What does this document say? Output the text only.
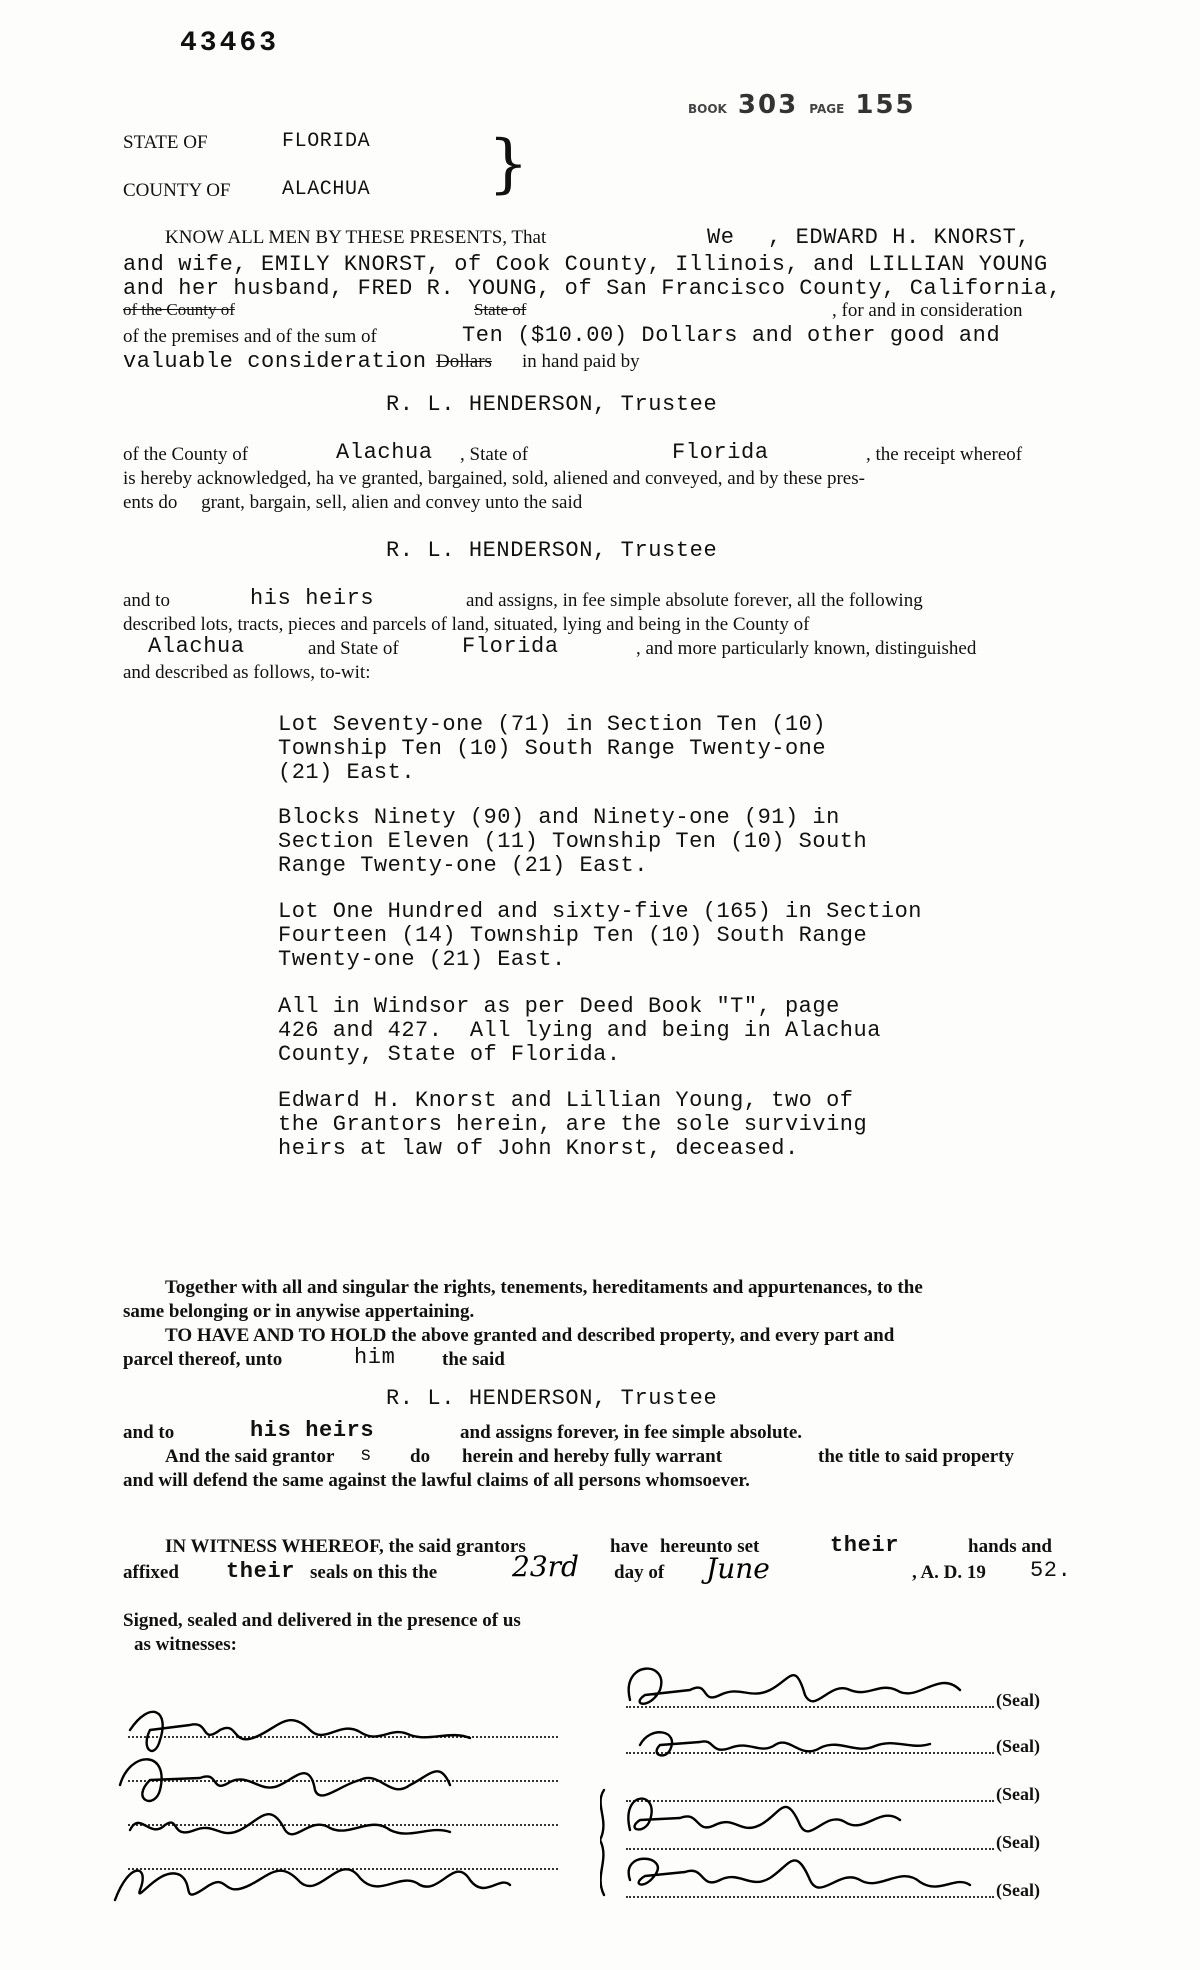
43463
BOOK 303 PAGE 155
STATE OF	FLORIDA
COUNTY OF	ALACHUA }
KNOW ALL MEN BY THESE PRESENTS, That	We , EDWARD H. KNORST,
and wife, EMILY KNORST, of Cook County, Illinois, and LILLIAN YOUNG
and her husband, FRED R. YOUNG, of San Francisco County, California,
of the County of	State of	, for and in consideration
of the premises and of the sum of	Ten ($10.00) Dollars and other good and
valuable consideration Dollars in hand paid by
R. L. HENDERSON, Trustee
of the County of	Alachua , State of	Florida	, the receipt whereof
is hereby acknowledged, ha ve granted, bargained, sold, aliened and conveyed, and by these pres-
ents do     grant, bargain, sell, alien and convey unto the said
R. L. HENDERSON, Trustee
and to	his heirs	and assigns, in fee simple absolute forever, all the following
described lots, tracts, pieces and parcels of land, situated, lying and being in the County of
Alachua	and State of	Florida	, and more particularly known, distinguished
and described as follows, to-wit:
Lot Seventy-one (71) in Section Ten (10)
Township Ten (10) South Range Twenty-one
(21) East.
Blocks Ninety (90) and Ninety-one (91) in
Section Eleven (11) Township Ten (10) South
Range Twenty-one (21) East.
Lot One Hundred and sixty-five (165) in Section
Fourteen (14) Township Ten (10) South Range
Twenty-one (21) East.
All in Windsor as per Deed Book "T", page
426 and 427.  All lying and being in Alachua
County, State of Florida.
Edward H. Knorst and Lillian Young, two of
the Grantors herein, are the sole surviving
heirs at law of John Knorst, deceased.
Together with all and singular the rights, tenements, hereditaments and appurtenances, to the
same belonging or in anywise appertaining.
TO HAVE AND TO HOLD the above granted and described property, and every part and
parcel thereof, unto	him the said
R. L. HENDERSON, Trustee
and to	his heirs	and assigns forever, in fee simple absolute.
And the said grantor s do herein and hereby fully warrant	the title to said property
and will defend the same against the lawful claims of all persons whomsoever.
IN WITNESS WHEREOF, the said grantors	have hereunto set	their	hands and
affixed their seals on this the	23rd day of June	, A. D. 19 52.
Signed, sealed and delivered in the presence of us
as witnesses:
(Seal)
(Seal)
(Seal)
(Seal)
(Seal)
